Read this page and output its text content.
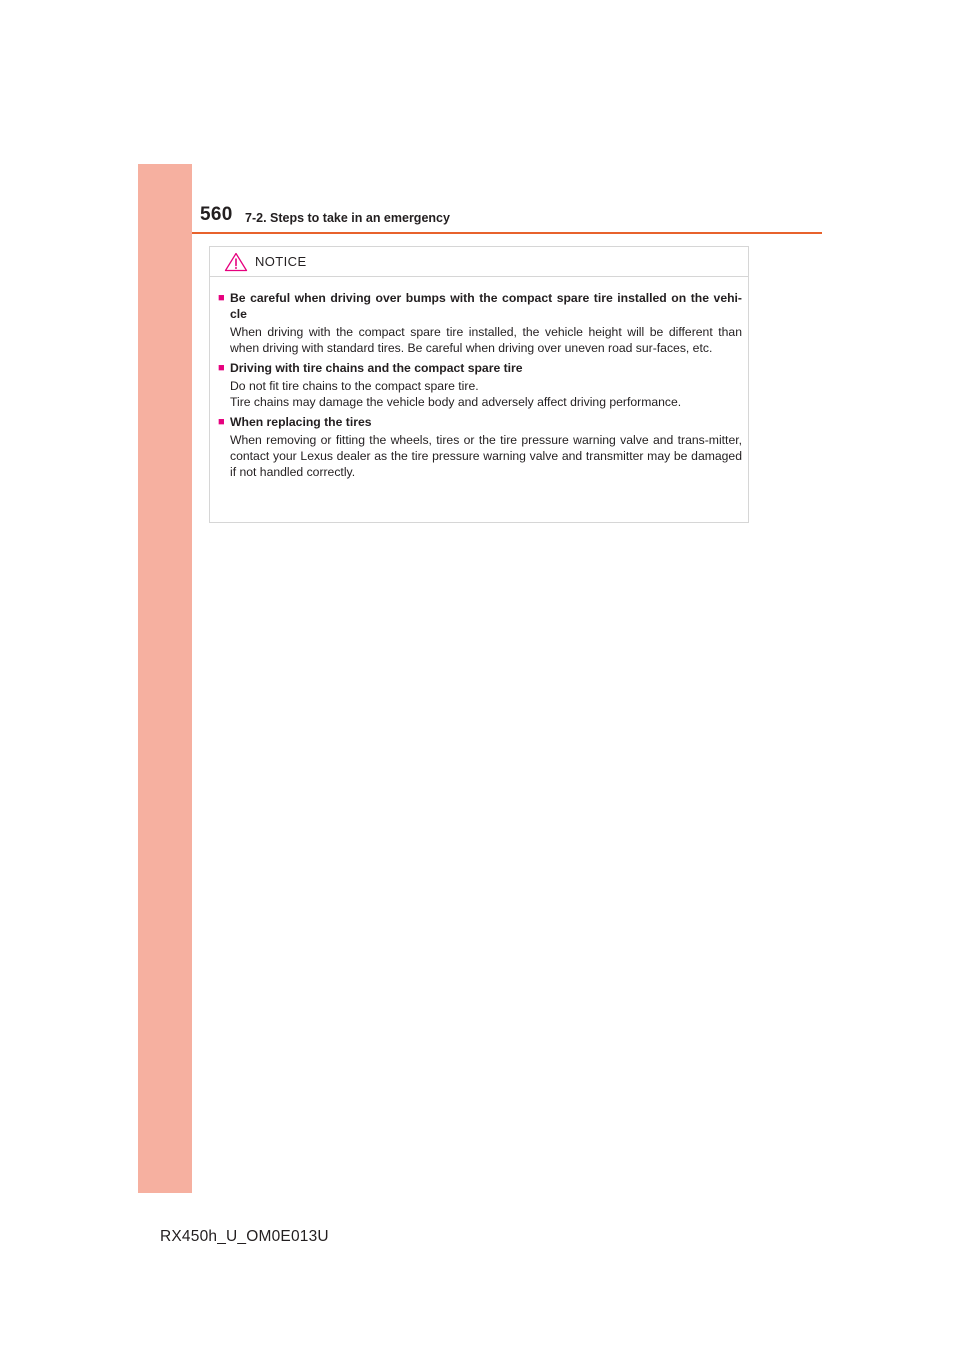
560 7-2. Steps to take in an emergency
NOTICE
■ Be careful when driving over bumps with the compact spare tire installed on the vehi-cle

When driving with the compact spare tire installed, the vehicle height will be different than when driving with standard tires. Be careful when driving over uneven road sur-faces, etc.

■ Driving with tire chains and the compact spare tire

Do not fit tire chains to the compact spare tire.

Tire chains may damage the vehicle body and adversely affect driving performance.

■ When replacing the tires

When removing or fitting the wheels, tires or the tire pressure warning valve and trans-mitter, contact your Lexus dealer as the tire pressure warning valve and transmitter may be damaged if not handled correctly.

RX450h_U_OM0E013U
